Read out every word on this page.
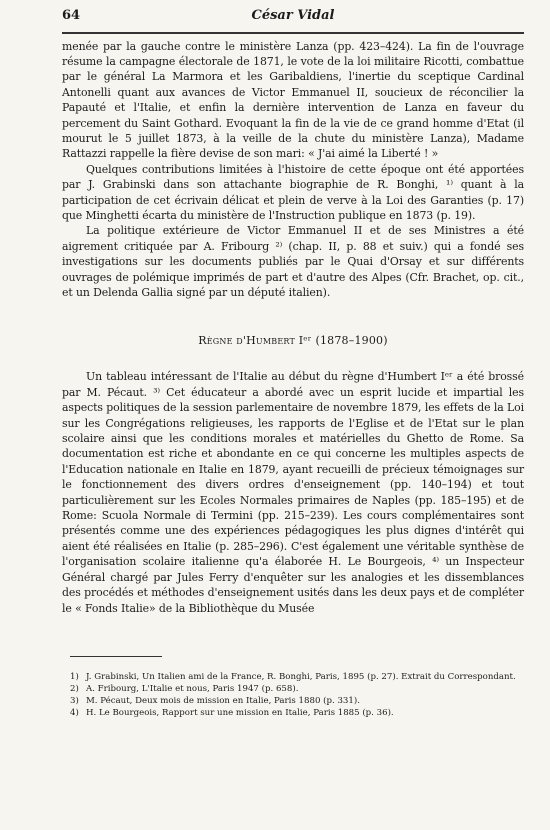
64	César Vidal

menée par la gauche contre le ministère Lanza (pp. 423–424). La fin de l'ouvrage résume la campagne électorale de 1871, le vote de la loi militaire Ricotti, combattue par le général La Marmora et les Garibaldiens, l'inertie du sceptique Cardinal Antonelli quant aux avances de Victor Emmanuel II, soucieux de réconcilier la Papauté et l'Italie, et enfin la dernière intervention de Lanza en faveur du percement du Saint Gothard. Evoquant la fin de la vie de ce grand homme d'Etat (il mourut le 5 juillet 1873, à la veille de la chute du ministère Lanza), Madame Rattazzi rappelle la fière devise de son mari: « J'ai aimé la Liberté ! »

Quelques contributions limitées à l'histoire de cette époque ont été apportées par J. Grabinski dans son attachante biographie de R. Bonghi, ¹⁾ quant à la participation de cet écrivain délicat et plein de verve à la Loi des Garanties (p. 17) que Minghetti écarta du ministère de l'Instruction publique en 1873 (p. 19).

La politique extérieure de Victor Emmanuel II et de ses Ministres a été aigrement critiquée par A. Fribourg ²⁾ (chap. II, p. 88 et suiv.) qui a fondé ses investigations sur les documents publiés par le Quai d'Orsay et sur différents ouvrages de polémique imprimés de part et d'autre des Alpes (Cfr. Brachet, op. cit., et un Delenda Gallia signé par un député italien).

Règne d'Humbert Iᵉʳ (1878–1900)

Un tableau intéressant de l'Italie au début du règne d'Humbert Iᵉʳ a été brossé par M. Pécaut. ³⁾ Cet éducateur a abordé avec un esprit lucide et impartial les aspects politiques de la session parlementaire de novembre 1879, les effets de la Loi sur les Congrégations religieuses, les rapports de l'Eglise et de l'Etat sur le plan scolaire ainsi que les conditions morales et matérielles du Ghetto de Rome. Sa documentation est riche et abondante en ce qui concerne les multiples aspects de l'Education nationale en Italie en 1879, ayant recueilli de précieux témoignages sur le fonctionnement des divers ordres d'enseignement (pp. 140–194) et tout particulièrement sur les Ecoles Normales primaires de Naples (pp. 185–195) et de Rome: Scuola Normale di Termini (pp. 215–239). Les cours complémentaires sont présentés comme une des expériences pédagogiques les plus dignes d'intérêt qui aient été réalisées en Italie (p. 285–296). C'est également une véritable synthèse de l'organisation scolaire italienne qu'a élaborée H. Le Bourgeois, ⁴⁾ un Inspecteur Général chargé par Jules Ferry d'enquêter sur les analogies et les dissemblances des procédés et méthodes d'enseignement usités dans les deux pays et de compléter le « Fonds Italie» de la Bibliothèque du Musée

1) J. Grabinski, Un Italien ami de la France, R. Bonghi, Paris, 1895 (p. 27). Extrait du Correspondant.

2) A. Fribourg, L'Italie et nous, Paris 1947 (p. 658).

3) M. Pécaut, Deux mois de mission en Italie, Paris 1880 (p. 331).

4) H. Le Bourgeois, Rapport sur une mission en Italie, Paris 1885 (p. 36).
